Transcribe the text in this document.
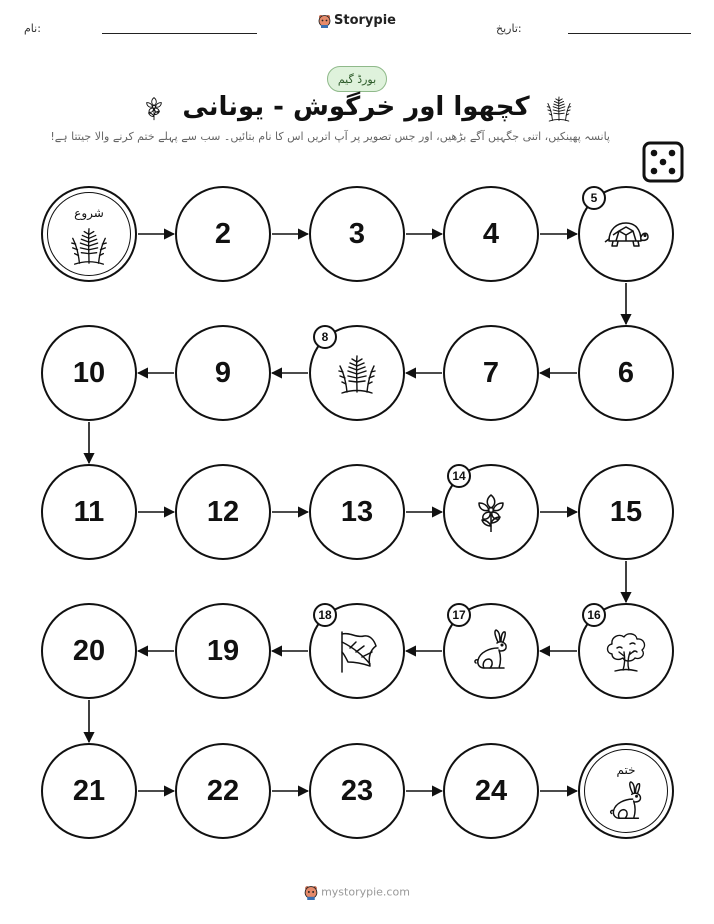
نام:	تاریخ:
Storypie
بورڈ گیم
کچھوا اور خرگوش - یونانی
پانسہ پھینکیں، اتنی جگہیں آگے بڑھیں، اور جس تصویر پر آپ اتریں اس کا نام بتائیں۔ سب سے پہلے ختم کرنے والا جیتتا ہے!
شروع
2	3	4
5
6
7
8
9
10
11	12	13
14
15
16
17
18
19
20
21	22	23	24
ختم
mystorypie.com
